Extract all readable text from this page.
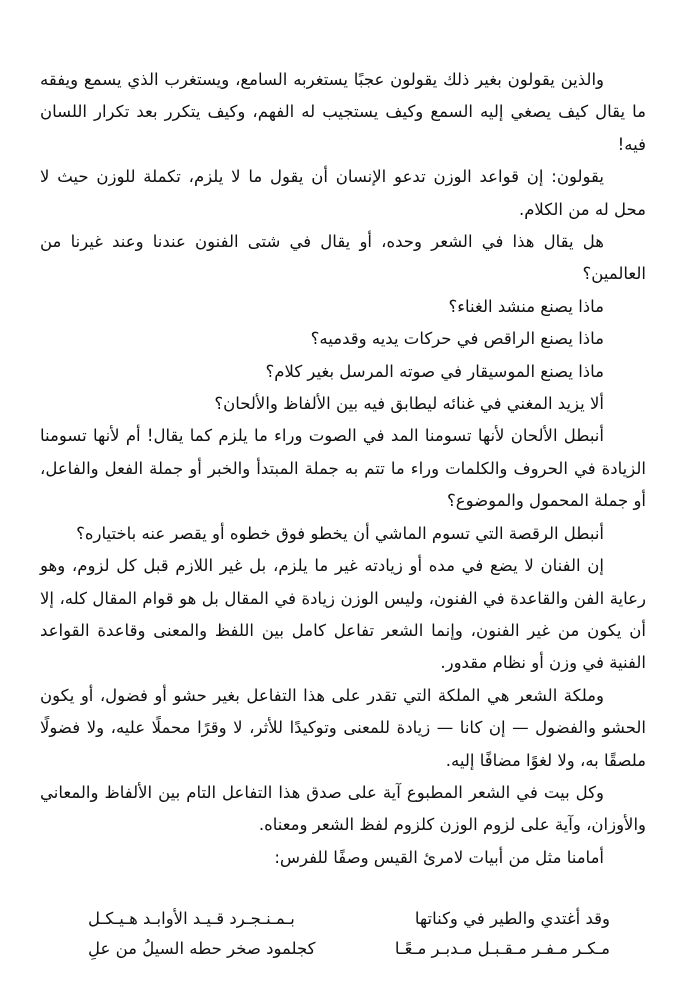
والذين يقولون بغير ذلك يقولون عجبًا يستغربه السامع، ويستغرب الذي يسمع ويفقه ما يقال كيف يصغي إليه السمع وكيف يستجيب له الفهم، وكيف يتكرر بعد تكرار اللسان فيه!

يقولون: إن قواعد الوزن تدعو الإنسان أن يقول ما لا يلزم، تكملة للوزن حيث لا محل له من الكلام.

هل يقال هذا في الشعر وحده، أو يقال في شتى الفنون عندنا وعند غيرنا من العالمين؟

ماذا يصنع منشد الغناء؟

ماذا يصنع الراقص في حركات يديه وقدميه؟

ماذا يصنع الموسيقار في صوته المرسل بغير كلام؟

ألا يزيد المغني في غنائه ليطابق فيه بين الألفاظ والألحان؟

أنبطل الألحان لأنها تسومنا المد في الصوت وراء ما يلزم كما يقال! أم لأنها تسومنا الزيادة في الحروف والكلمات وراء ما تتم به جملة المبتدأ والخبر أو جملة الفعل والفاعل، أو جملة المحمول والموضوع؟

أنبطل الرقصة التي تسوم الماشي أن يخطو فوق خطوه أو يقصر عنه باختياره؟

إن الفنان لا يضع في مده أو زيادته غير ما يلزم، بل غير اللازم قبل كل لزوم، وهو رعاية الفن والقاعدة في الفنون، وليس الوزن زيادة في المقال بل هو قوام المقال كله، إلا أن يكون من غير الفنون، وإنما الشعر تفاعل كامل بين اللفظ والمعنى وقاعدة القواعد الفنية في وزن أو نظام مقدور.

وملكة الشعر هي الملكة التي تقدر على هذا التفاعل بغير حشو أو فضول، أو يكون الحشو والفضول — إن كانا — زيادة للمعنى وتوكيدًا للأثر، لا وقرًا محملًا عليه، ولا فضولًا ملصقًا به، ولا لغوًا مضافًا إليه.

وكل بيت في الشعر المطبوع آية على صدق هذا التفاعل التام بين الألفاظ والمعاني والأوزان، وآية على لزوم الوزن كلزوم لفظ الشعر ومعناه.

أمامنا مثل من أبيات لامرئ القيس وصفًا للفرس:

وقد أغتدي والطير في وكناتها
بـمـنـجـرد قـيـد الأوابـد هـيـكـل
مـكـر مـفـر مـقـبـل مـدبـر مـعًـا
كجلمود صخر حطه السيلُ من علِ
